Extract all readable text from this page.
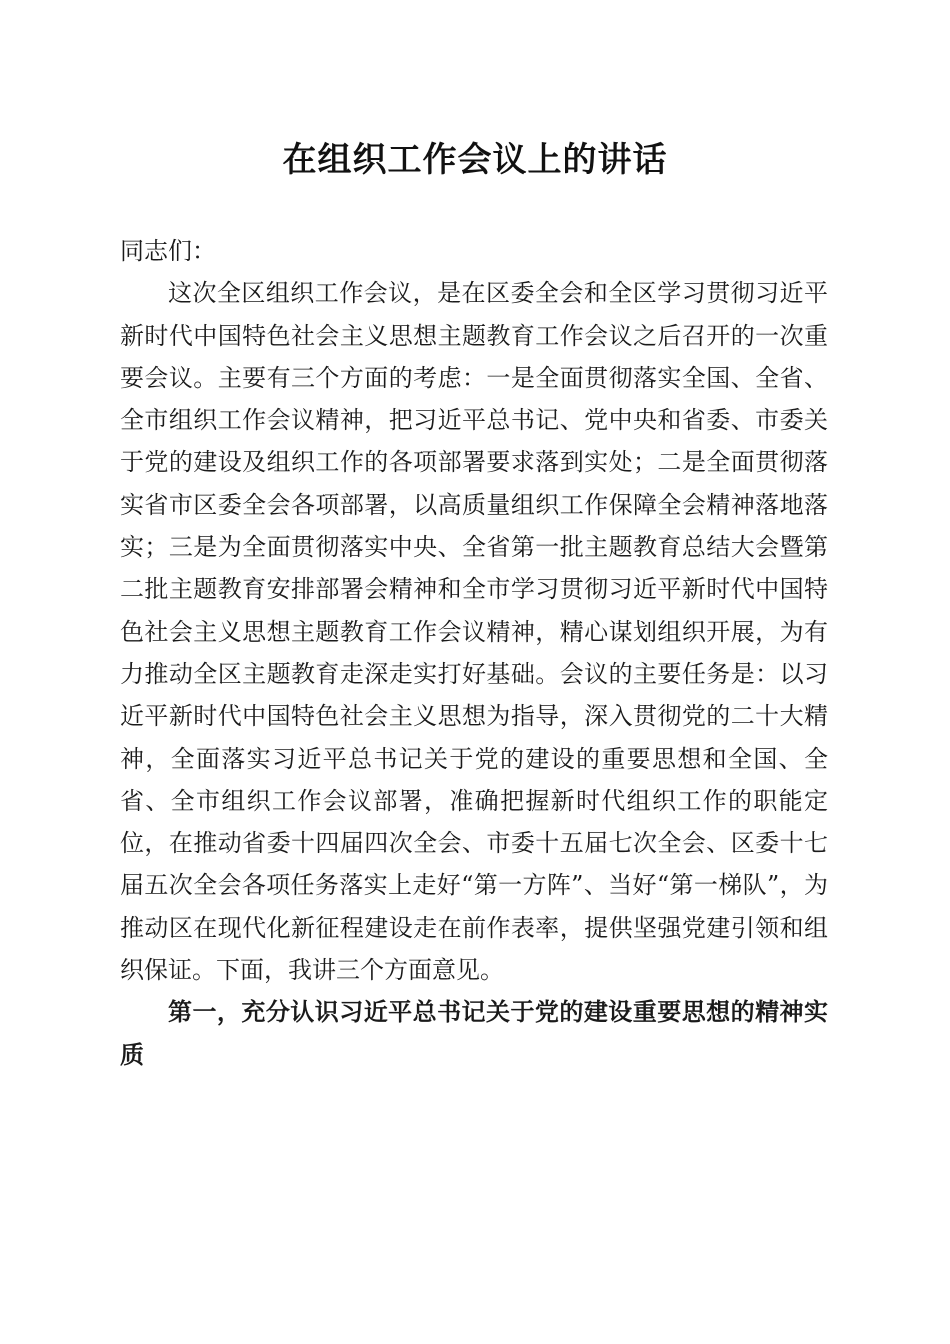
在组织工作会议上的讲话

同志们：

这次全区组织工作会议，是在区委全会和全区学习贯彻习近平新时代中国特色社会主义思想主题教育工作会议之后召开的一次重要会议。主要有三个方面的考虑：一是全面贯彻落实全国、全省、全市组织工作会议精神，把习近平总书记、党中央和省委、市委关于党的建设及组织工作的各项部署要求落到实处；二是全面贯彻落实省市区委全会各项部署，以高质量组织工作保障全会精神落地落实；三是为全面贯彻落实中央、全省第一批主题教育总结大会暨第二批主题教育安排部署会精神和全市学习贯彻习近平新时代中国特色社会主义思想主题教育工作会议精神，精心谋划组织开展，为有力推动全区主题教育走深走实打好基础。会议的主要任务是：以习近平新时代中国特色社会主义思想为指导，深入贯彻党的二十大精神，全面落实习近平总书记关于党的建设的重要思想和全国、全省、全市组织工作会议部署，准确把握新时代组织工作的职能定位，在推动省委十四届四次全会、市委十五届七次全会、区委十七届五次全会各项任务落实上走好“第一方阵”、当好“第一梯队”，为推动区在现代化新征程建设走在前作表率，提供坚强党建引领和组织保证。下面，我讲三个方面意见。

第一，充分认识习近平总书记关于党的建设重要思想的精神实质
